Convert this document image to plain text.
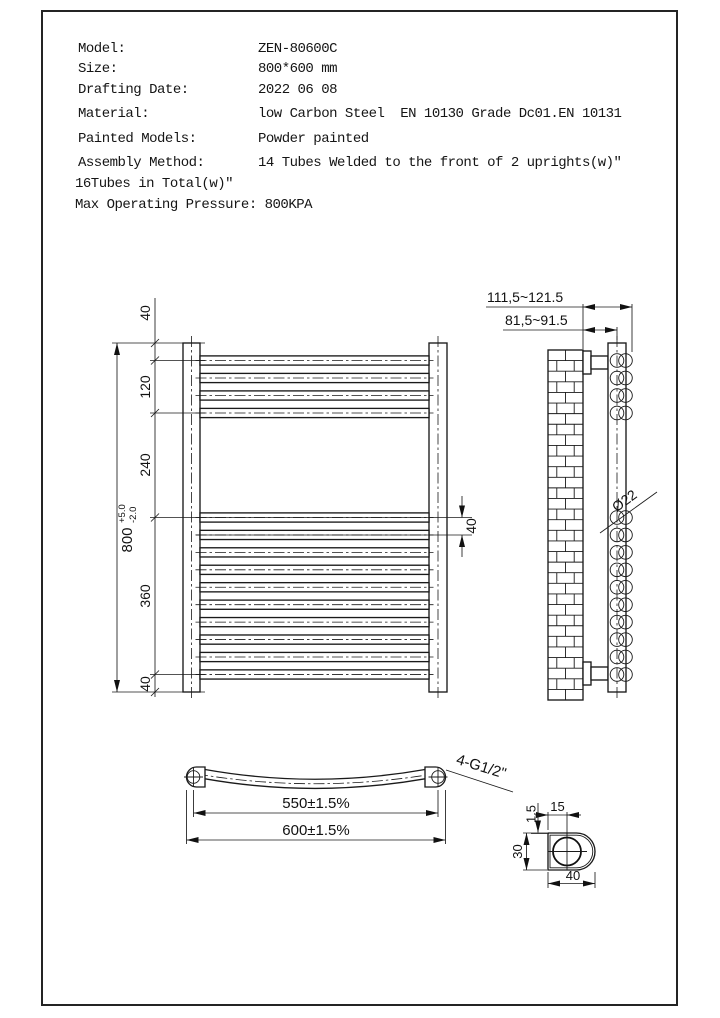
Model:	ZEN-80600C
Size:	800*600 mm
Drafting Date:	2022 06 08
Material:	low Carbon Steel  EN 10130 Grade Dc01.EN 10131
Painted Models:	Powder painted
Assembly Method:	14 Tubes Welded to the front of 2 uprights(w)"
16Tubes in Total(w)"
Max Operating Pressure: 800KPA
40
120
240
360
40
800
+5.0 -2.0
40
111,5~121.5
81,5~91.5
Ø22
550±1.5%
600±1.5%
4-G1/2"
15
1.5
30
40
